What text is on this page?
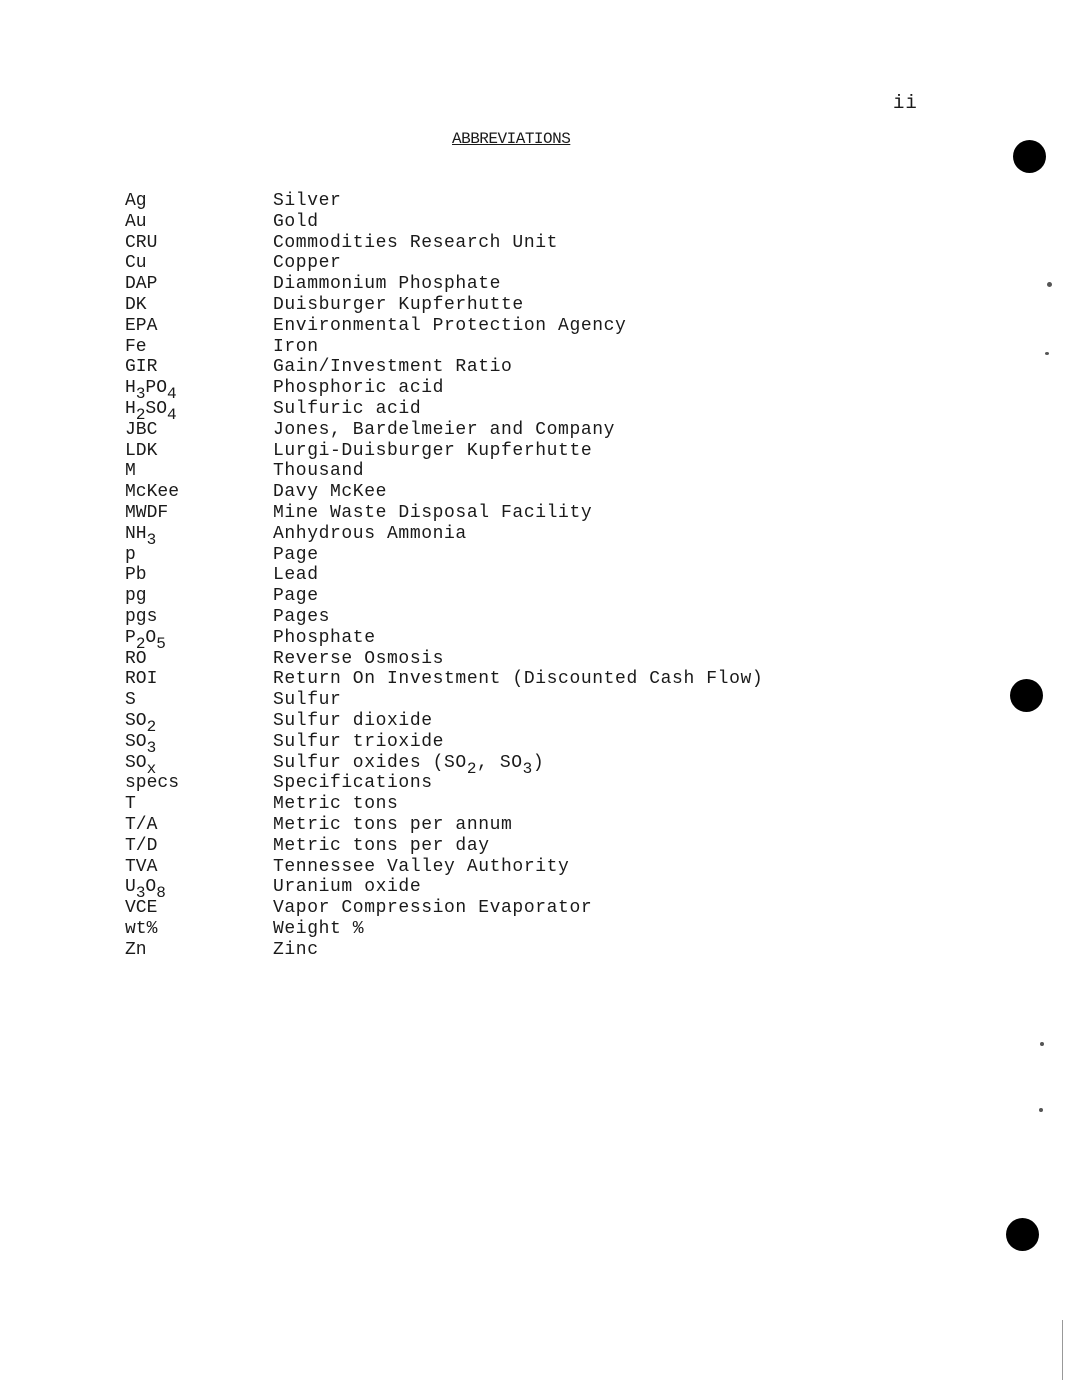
ii
ABBREVIATIONS
Ag	Silver
Au	Gold
CRU	Commodities Research Unit
Cu	Copper
DAP	Diammonium Phosphate
DK	Duisburger Kupferhutte
EPA	Environmental Protection Agency
Fe	Iron
GIR	Gain/Investment Ratio
$H_3PO_4$	Phosphoric acid
$H_2SO_4$	Sulfuric acid
JBC	Jones, Bardelmeier and Company
LDK	Lurgi-Duisburger Kupferhutte
M	Thousand
McKee	Davy McKee
MWDF	Mine Waste Disposal Facility
$NH_3$	Anhydrous Ammonia
p	Page
Pb	Lead
pg	Page
pgs	Pages
$P_2O_5$	Phosphate
RO	Reverse Osmosis
ROI	Return On Investment (Discounted Cash Flow)
S	Sulfur
$SO_2$	Sulfur dioxide
$SO_3$	Sulfur trioxide
$SO_x$	Sulfur oxides ($SO_2$, $SO_3$)
specs	Specifications
T	Metric tons
T/A	Metric tons per annum
T/D	Metric tons per day
TVA	Tennessee Valley Authority
$U_3O_8$	Uranium oxide
VCE	Vapor Compression Evaporator
wt%	Weight %
Zn	Zinc
